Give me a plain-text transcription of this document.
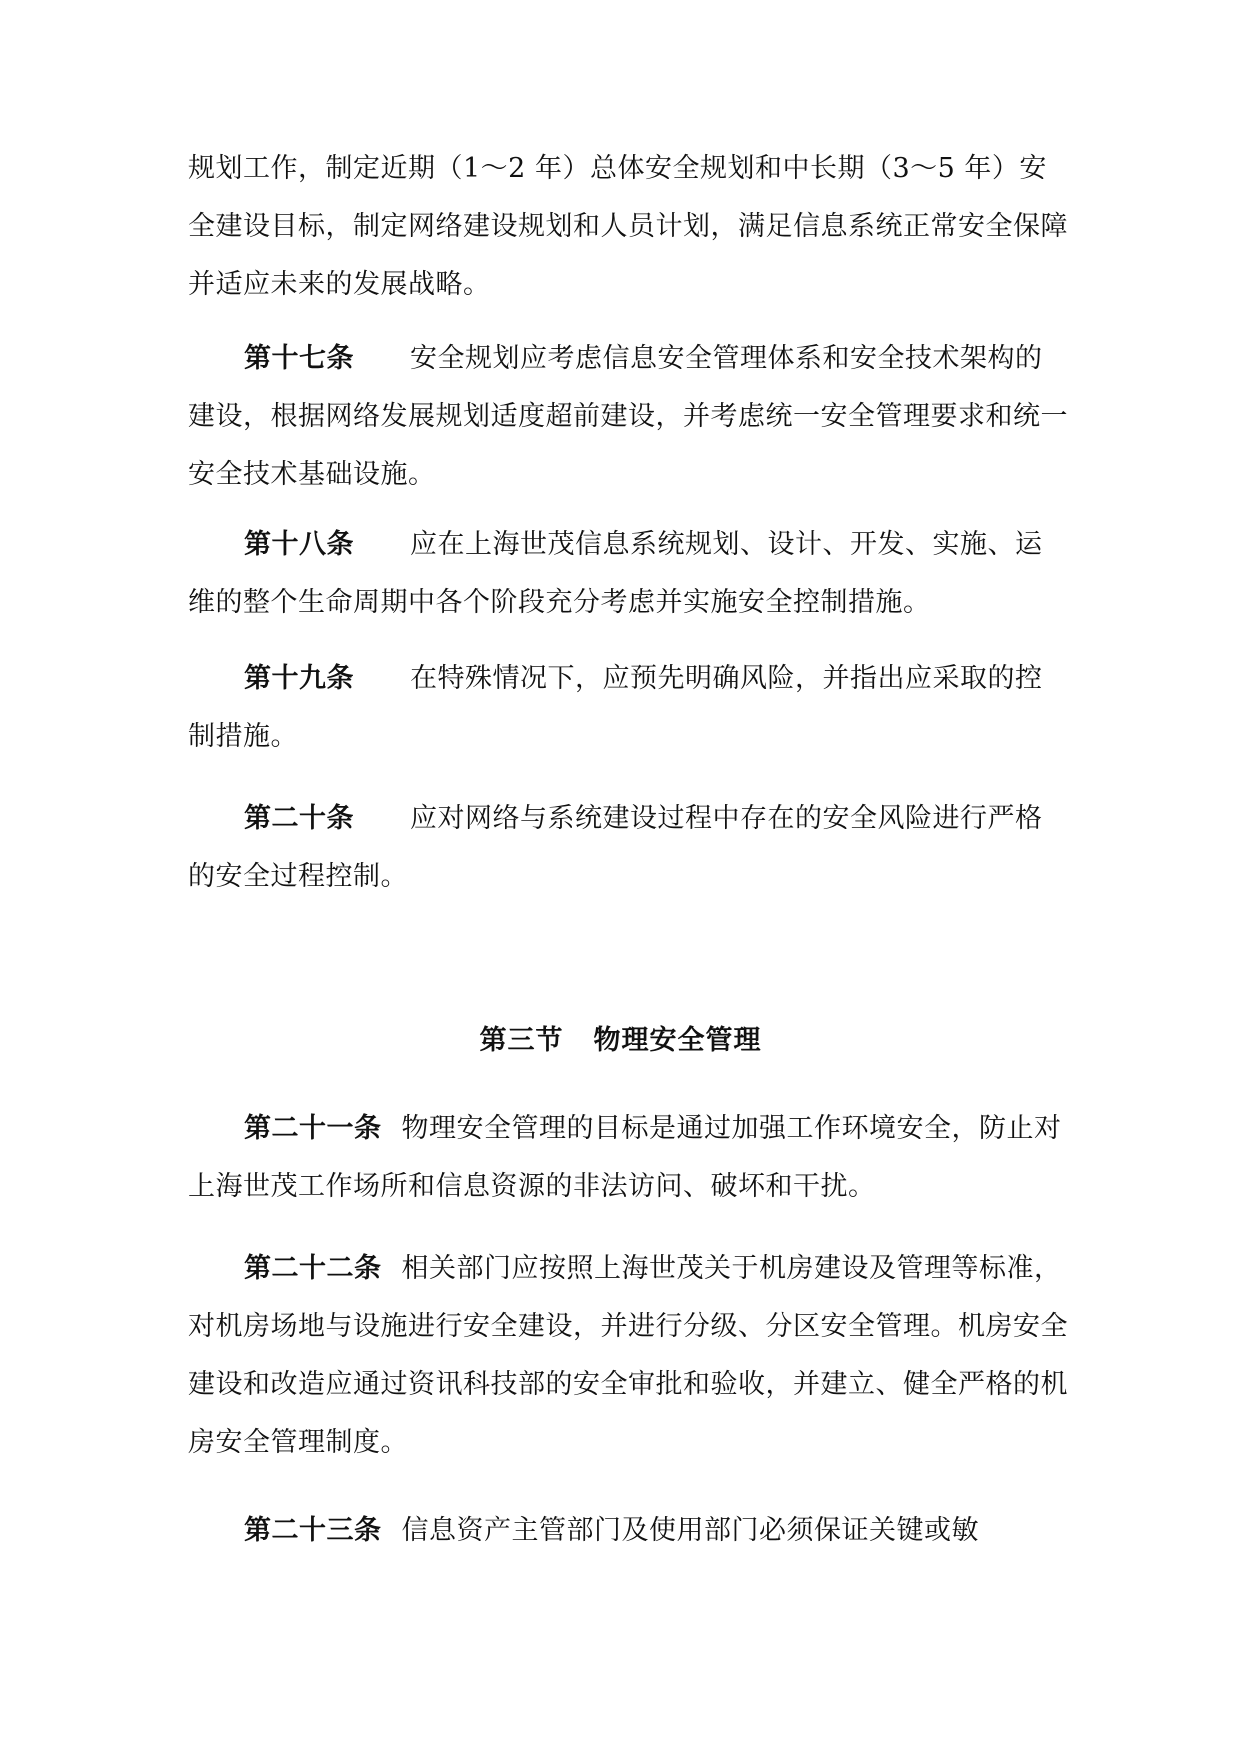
规划工作，制定近期（1～2 年）总体安全规划和中长期（3～5 年）安全建设目标，制定网络建设规划和人员计划，满足信息系统正常安全保障并适应未来的发展战略。
第十七条 安全规划应考虑信息安全管理体系和安全技术架构的建设，根据网络发展规划适度超前建设，并考虑统一安全管理要求和统一安全技术基础设施。
第十八条 应在上海世茂信息系统规划、设计、开发、实施、运维的整个生命周期中各个阶段充分考虑并实施安全控制措施。
第十九条 在特殊情况下，应预先明确风险，并指出应采取的控制措施。
第二十条 应对网络与系统建设过程中存在的安全风险进行严格的安全过程控制。
第三节 物理安全管理
第二十一条 物理安全管理的目标是通过加强工作环境安全，防止对上海世茂工作场所和信息资源的非法访问、破坏和干扰。
第二十二条 相关部门应按照上海世茂关于机房建设及管理等标准，对机房场地与设施进行安全建设，并进行分级、分区安全管理。机房安全建设和改造应通过资讯科技部的安全审批和验收，并建立、健全严格的机房安全管理制度。
第二十三条 信息资产主管部门及使用部门必须保证关键或敏
